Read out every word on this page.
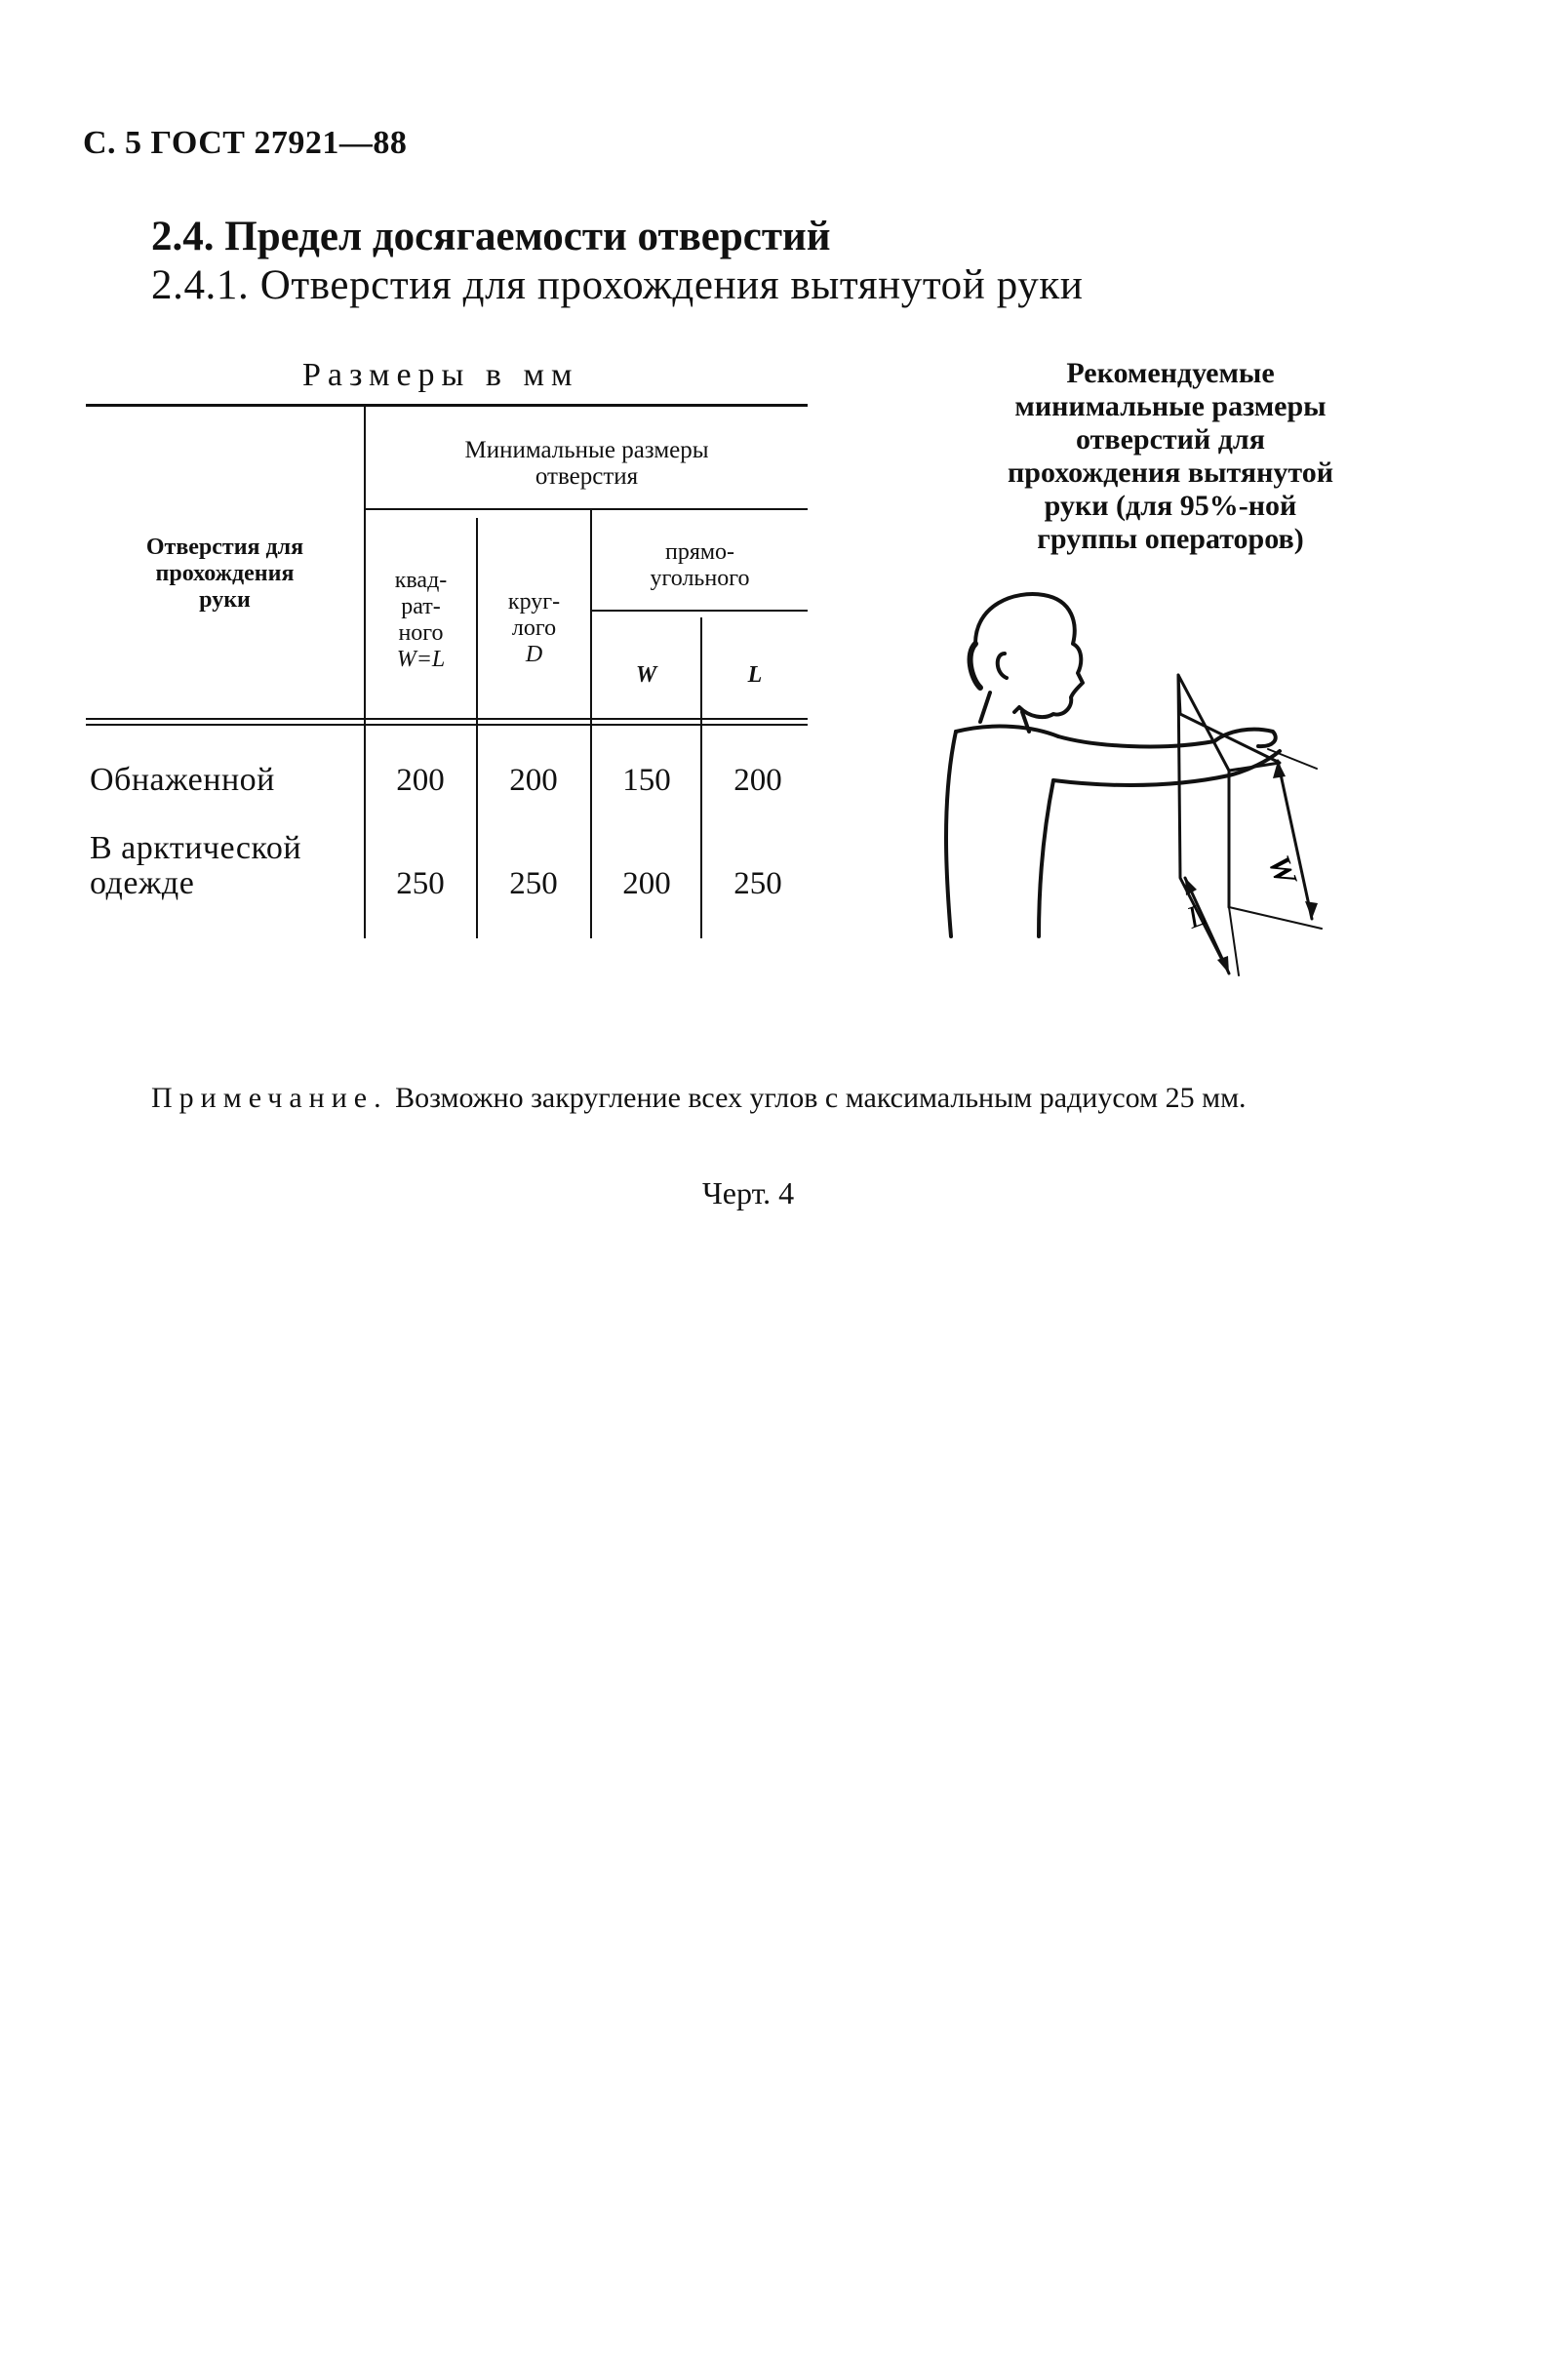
С. 5 ГОСТ 27921—88
2.4. Предел досягаемости отверстий
2.4.1. Отверстия для прохождения вытянутой руки
Размеры в мм
Отверстия для
прохождения
руки
Минимальные размеры
отверстия
квад-
рат-
ного
W=L
круг-
лого
D
прямо-
угольного
W	L
Обнаженной	200	200	150	200
В арктической
одежде	250	250	200	250
Рекомендуемые
минимальные размеры
отверстий для
прохождения вытянутой
руки (для 95%-ной
группы операторов)
W
L
Примечание. Возможно закругление всех углов с максимальным радиусом 25 мм.
Черт. 4
